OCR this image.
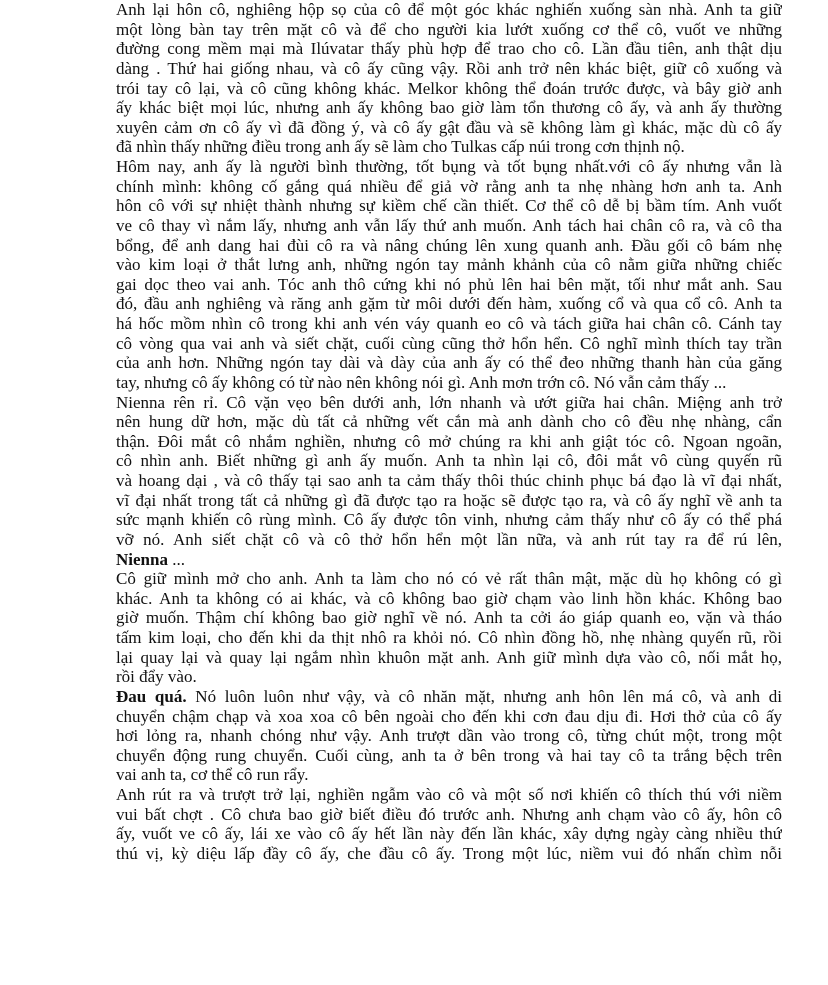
Anh lại hôn cô, nghiêng hộp sọ của cô để một góc khác nghiến xuống sàn nhà. Anh ta giữ
một lòng bàn tay trên mặt cô và để cho người kia lướt xuống cơ thể cô, vuốt ve những
đường cong mềm mại mà Ilúvatar thấy phù hợp để trao cho cô. Lần đầu tiên, anh thật dịu
dàng . Thứ hai giống nhau, và cô ấy cũng vậy. Rồi anh trở nên khác biệt, giữ cô xuống và
trói tay cô lại, và cô cũng không khác. Melkor không thể đoán trước được, và bây giờ anh
ấy khác biệt mọi lúc, nhưng anh ấy không bao giờ làm tổn thương cô ấy, và anh ấy thường
xuyên cảm ơn cô ấy vì đã đồng ý, và cô ấy gật đầu và sẽ không làm gì khác, mặc dù cô ấy
đã nhìn thấy những điều trong anh ấy sẽ làm cho Tulkas cấp núi trong cơn thịnh nộ.
Hôm nay, anh ấy là người bình thường, tốt bụng và tốt bụng nhất.với cô ấy nhưng vẫn là
chính mình: không cố gắng quá nhiều để giả vờ rằng anh ta nhẹ nhàng hơn anh ta. Anh
hôn cô với sự nhiệt thành nhưng sự kiềm chế cần thiết. Cơ thể cô dễ bị bầm tím. Anh vuốt
ve cô thay vì nắm lấy, nhưng anh vẫn lấy thứ anh muốn. Anh tách hai chân cô ra, và cô tha
bổng, để anh dang hai đùi cô ra và nâng chúng lên xung quanh anh. Đầu gối cô bám nhẹ
vào kim loại ở thắt lưng anh, những ngón tay mảnh khảnh của cô nằm giữa những chiếc
gai dọc theo vai anh. Tóc anh thô cứng khi nó phủ lên hai bên mặt, tối như mắt anh. Sau
đó, đầu anh nghiêng và răng anh gặm từ môi dưới đến hàm, xuống cổ và qua cổ cô. Anh ta
há hốc mồm nhìn cô trong khi anh vén váy quanh eo cô và tách giữa hai chân cô. Cánh tay
cô vòng qua vai anh và siết chặt, cuối cùng cũng thở hổn hển. Cô nghĩ mình thích tay trần
của anh hơn. Những ngón tay dài và dày của anh ấy có thể đeo những thanh hàn của găng
tay, nhưng cô ấy không có từ nào nên không nói gì. Anh mơn trớn cô. Nó vẫn cảm thấy ...
Nienna rên rỉ. Cô vặn vẹo bên dưới anh, lớn nhanh và ướt giữa hai chân. Miệng anh trở
nên hung dữ hơn, mặc dù tất cả những vết cắn mà anh dành cho cô đều nhẹ nhàng, cẩn
thận. Đôi mắt cô nhắm nghiền, nhưng cô mở chúng ra khi anh giật tóc cô. Ngoan ngoãn,
cô nhìn anh. Biết những gì anh ấy muốn. Anh ta nhìn lại cô, đôi mắt vô cùng quyến rũ
và hoang dại , và cô thấy tại sao anh ta cảm thấy thôi thúc chinh phục bá đạo là vĩ đại nhất,
vĩ đại nhất trong tất cả những gì đã được tạo ra hoặc sẽ được tạo ra, và cô ấy nghĩ về anh ta
sức mạnh khiến cô rùng mình. Cô ấy được tôn vinh, nhưng cảm thấy như cô ấy có thể phá
vỡ nó. Anh siết chặt cô và cô thở hổn hển một lần nữa, và anh rút tay ra để rú lên,
Nienna ...
Cô giữ mình mở cho anh. Anh ta làm cho nó có vẻ rất thân mật, mặc dù họ không có gì
khác. Anh ta không có ai khác, và cô không bao giờ chạm vào linh hồn khác. Không bao
giờ muốn. Thậm chí không bao giờ nghĩ về nó. Anh ta cởi áo giáp quanh eo, vặn và tháo
tấm kim loại, cho đến khi da thịt nhô ra khỏi nó. Cô nhìn đồng hồ, nhẹ nhàng quyến rũ, rồi
lại quay lại và quay lại ngắm nhìn khuôn mặt anh. Anh giữ mình dựa vào cô, nối mắt họ,
rồi đẩy vào.
Đau quá. Nó luôn luôn như vậy, và cô nhăn mặt, nhưng anh hôn lên má cô, và anh di
chuyển chậm chạp và xoa xoa cô bên ngoài cho đến khi cơn đau dịu đi. Hơi thở của cô ấy
hơi lỏng ra, nhanh chóng như vậy. Anh trượt dần vào trong cô, từng chút một, trong một
chuyển động rung chuyển. Cuối cùng, anh ta ở bên trong và hai tay cô ta trắng bệch trên
vai anh ta, cơ thể cô run rẩy.
Anh rút ra và trượt trở lại, nghiền ngẫm vào cô và một số nơi khiến cô thích thú với niềm
vui bất chợt . Cô chưa bao giờ biết điều đó trước anh. Nhưng anh chạm vào cô ấy, hôn cô
ấy, vuốt ve cô ấy, lái xe vào cô ấy hết lần này đến lần khác, xây dựng ngày càng nhiều thứ
thú vị, kỳ diệu lấp đầy cô ấy, che đầu cô ấy. Trong một lúc, niềm vui đó nhấn chìm nỗi
